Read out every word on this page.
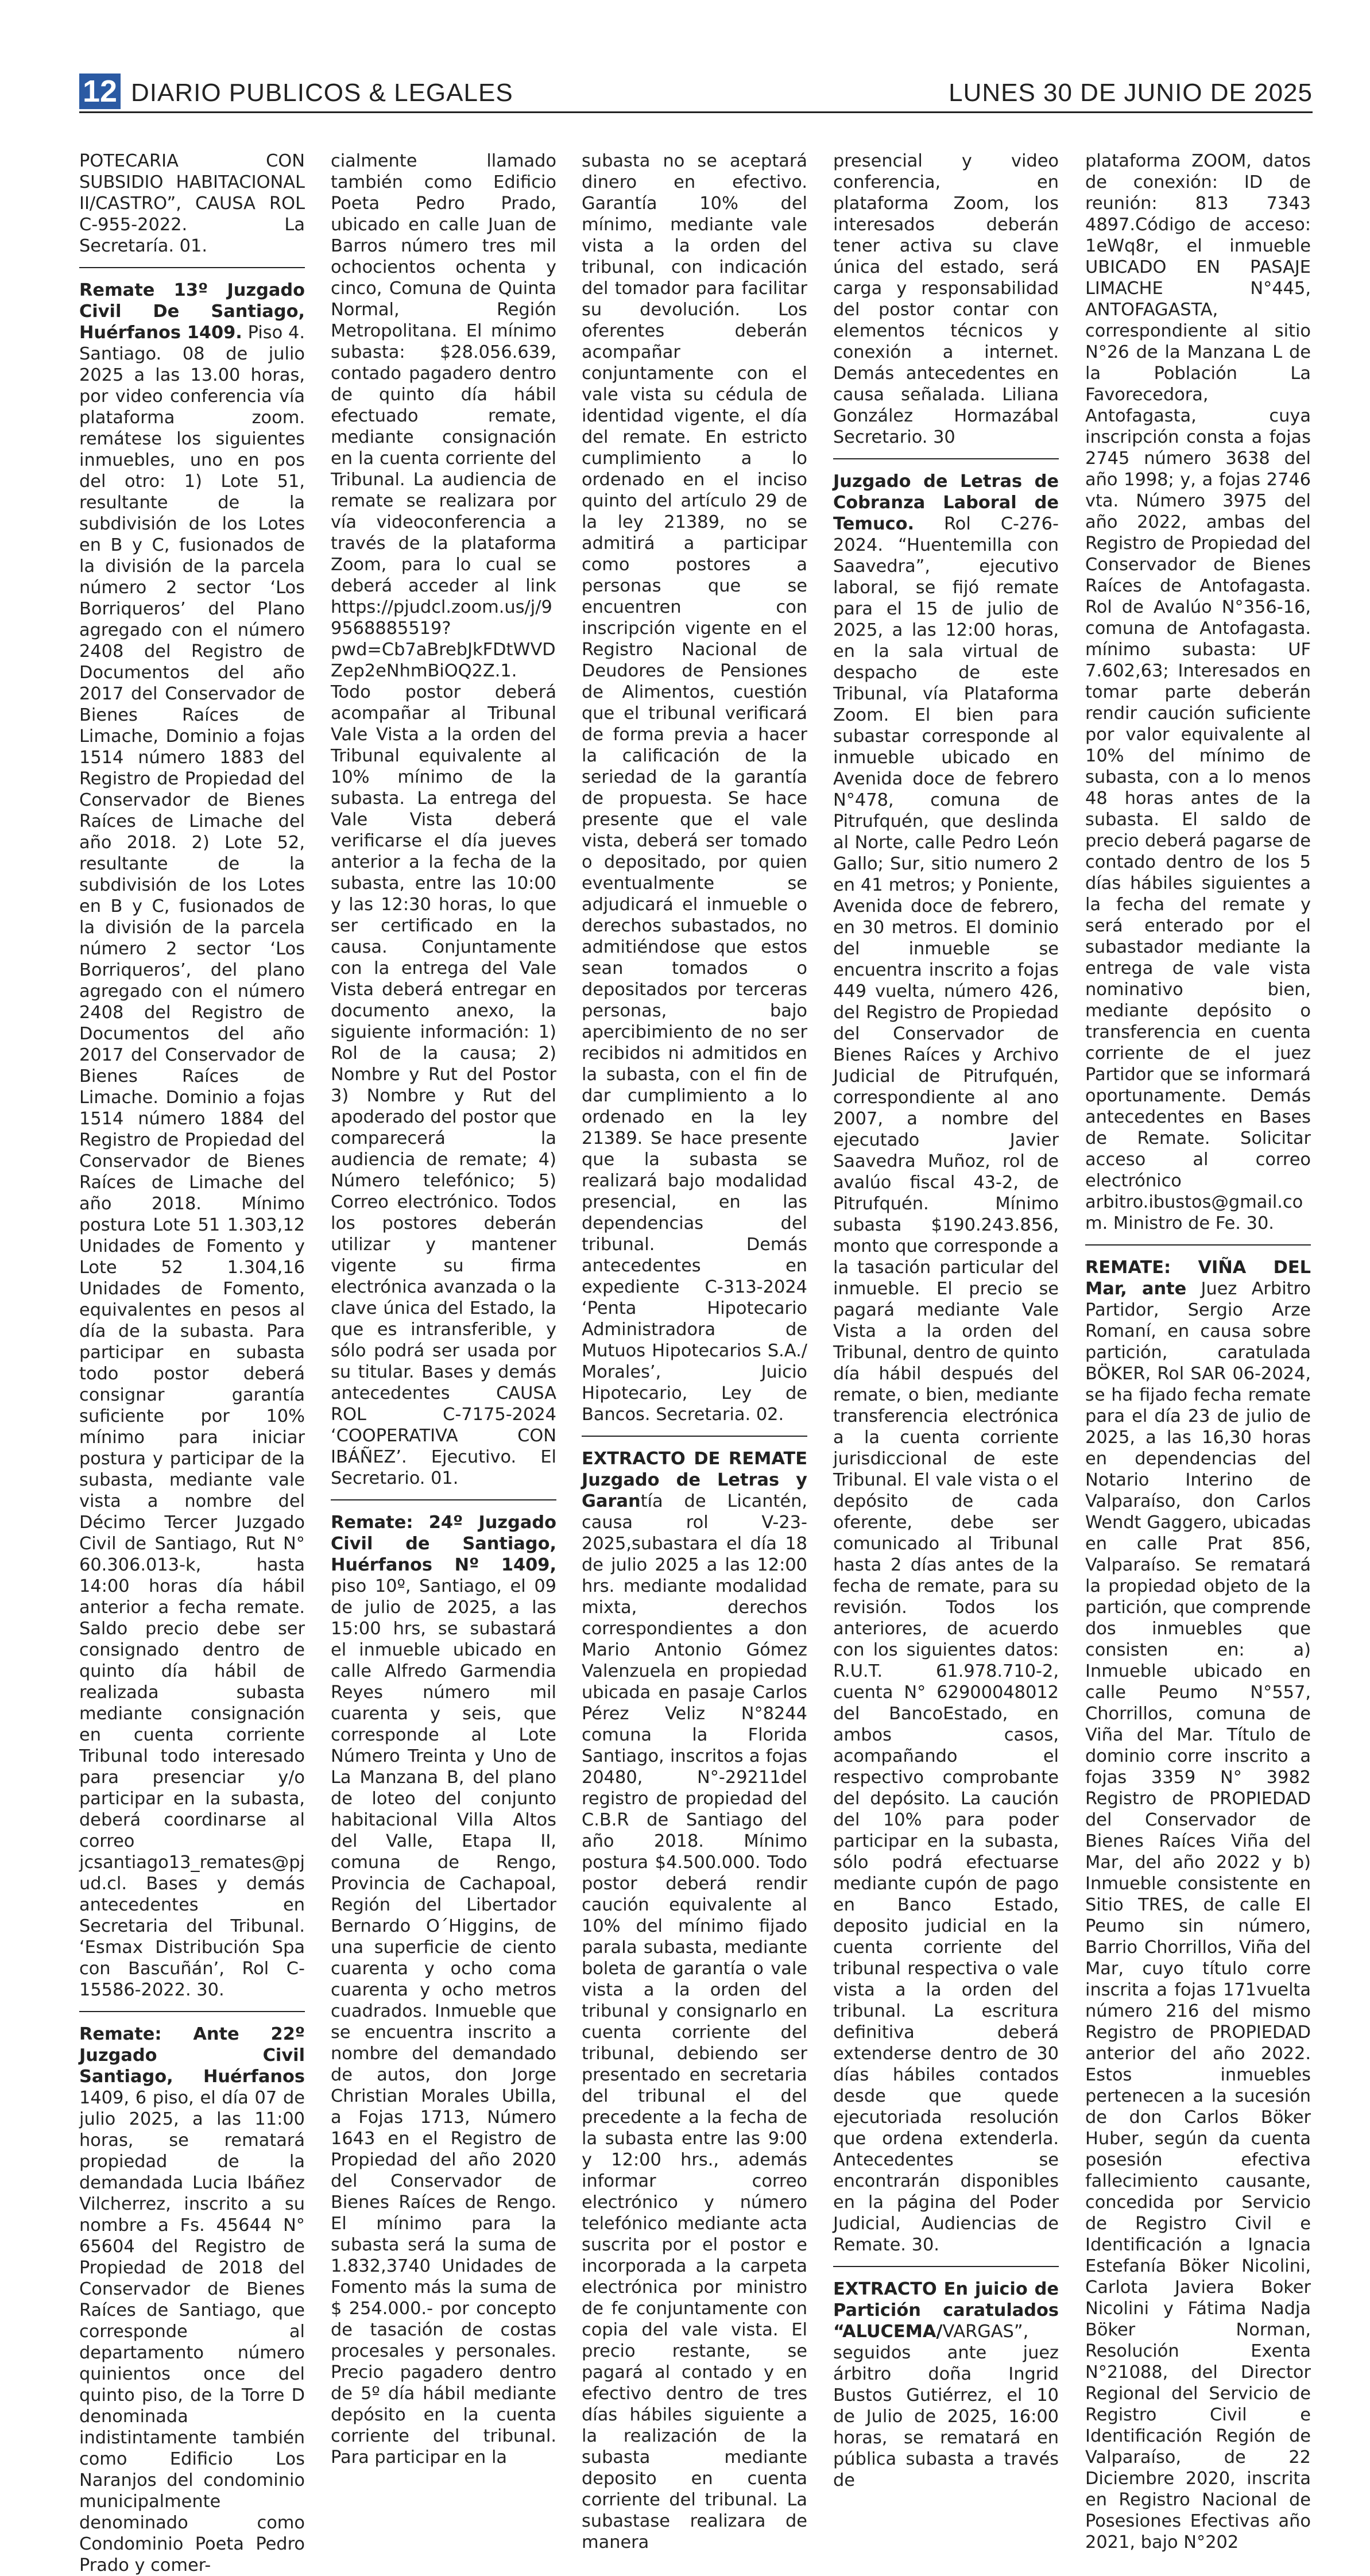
12 DIARIO PUBLICOS & LEGALES	LUNES 30 DE JUNIO DE 2025

POTECARIA CON SUBSIDIO HABITACIONAL II/CASTRO”, CAUSA ROL C-955-2022. La Secretaría. 01.

Remate 13º Juzgado Civil De Santiago, Huérfanos 1409. Piso 4. Santiago. 08 de julio 2025 a las 13.00 horas, por video conferencia vía plataforma zoom. remátese los siguientes inmuebles, uno en pos del otro: 1) Lote 51, resultante de la subdivisión de los Lotes en B y C, fusionados de la división de la parcela número 2 sector ‘Los Borriqueros’ del Plano agregado con el número 2408 del Registro de Documentos del año 2017 del Conservador de Bienes Raíces de Limache, Dominio a fojas 1514 número 1883 del Registro de Propiedad del Conservador de Bienes Raíces de Limache del año 2018. 2) Lote 52, resultante de la subdivisión de los Lotes en B y C, fusionados de la división de la parcela número 2 sector ‘Los Borriqueros’, del plano agregado con el número 2408 del Registro de Documentos del año 2017 del Conservador de Bienes Raíces de Limache. Dominio a fojas 1514 número 1884 del Registro de Propiedad del Conservador de Bienes Raíces de Limache del año 2018. Mínimo postura Lote 51 1.303,12 Unidades de Fomento y Lote 52 1.304,16 Unidades de Fomento, equivalentes en pesos al día de la subasta. Para participar en subasta todo postor deberá consignar garantía suficiente por 10% mínimo para iniciar postura y participar de la subasta, mediante vale vista a nombre del Décimo Tercer Juzgado Civil de Santiago, Rut N° 60.306.013-k, hasta 14:00 horas día hábil anterior a fecha remate. Saldo precio debe ser consignado dentro de quinto día hábil de realizada subasta mediante consignación en cuenta corriente Tribunal todo interesado para presenciar y/o participar en la subasta, deberá coordinarse al correo jcsantiago13_remates@pjud.cl. Bases y demás antecedentes en Secretaria del Tribunal. ‘Esmax Distribución Spa con Bascuñán’, Rol C-15586-2022. 30.

Remate: Ante 22º Juzgado Civil Santiago, Huérfanos 1409, 6 piso, el día 07 de julio 2025, a las 11:00 horas, se rematará propiedad de la demandada Lucia Ibáñez Vilcherrez, inscrito a su nombre a Fs. 45644 N° 65604 del Registro de Propiedad de 2018 del Conservador de Bienes Raíces de Santiago, que corresponde al departamento número quinientos once del quinto piso, de la Torre D denominada indistintamente también como Edificio Los Naranjos del condominio municipalmente denominado como Condominio Poeta Pedro Prado y comer-

cialmente llamado también como Edificio Poeta Pedro Prado, ubicado en calle Juan de Barros número tres mil ochocientos ochenta y cinco, Comuna de Quinta Normal, Región Metropolitana. El mínimo subasta: $28.056.639, contado pagadero dentro de quinto día hábil efectuado remate, mediante consignación en la cuenta corriente del Tribunal. La audiencia de remate se realizara por vía videoconferencia a través de la plataforma Zoom, para lo cual se deberá acceder al link https://pjudcl.zoom.us/j/99568885519?pwd=Cb7aBrebJkFDtWVDZep2eNhmBiOQ2Z.1. Todo postor deberá acompañar al Tribunal Vale Vista a la orden del Tribunal equivalente al 10% mínimo de la subasta. La entrega del Vale Vista deberá verificarse el día jueves anterior a la fecha de la subasta, entre las 10:00 y las 12:30 horas, lo que ser certificado en la causa. Conjuntamente con la entrega del Vale Vista deberá entregar en documento anexo, la siguiente información: 1) Rol de la causa; 2) Nombre y Rut del Postor 3) Nombre y Rut del apoderado del postor que comparecerá la audiencia de remate; 4) Número telefónico; 5) Correo electrónico. Todos los postores deberán utilizar y mantener vigente su firma electrónica avanzada o la clave única del Estado, la que es intransferible, y sólo podrá ser usada por su titular. Bases y demás antecedentes CAUSA ROL C-7175-2024 ‘COOPERATIVA CON IBÁÑEZ’. Ejecutivo. El Secretario. 01.

Remate: 24º Juzgado Civil de Santiago, Huérfanos Nº 1409, piso 10º, Santiago, el 09 de julio de 2025, a las 15:00 hrs, se subastará el inmueble ubicado en calle Alfredo Garmendia Reyes número mil cuarenta y seis, que corresponde al Lote Número Treinta y Uno de La Manzana B, del plano de loteo del conjunto habitacional Villa Altos del Valle, Etapa II, comuna de Rengo, Provincia de Cachapoal, Región del Libertador Bernardo O´Higgins, de una superficie de ciento cuarenta y ocho coma cuarenta y ocho metros cuadrados. Inmueble que se encuentra inscrito a nombre del demandado de autos, don Jorge Christian Morales Ubilla, a Fojas 1713, Número 1643 en el Registro de Propiedad del año 2020 del Conservador de Bienes Raíces de Rengo. El mínimo para la subasta será la suma de 1.832,3740 Unidades de Fomento más la suma de $ 254.000.- por concepto de tasación de costas procesales y personales. Precio pagadero dentro de 5º día hábil mediante depósito en la cuenta corriente del tribunal. Para participar en la

subasta no se aceptará dinero en efectivo. Garantía 10% del mínimo, mediante vale vista a la orden del tribunal, con indicación del tomador para facilitar su devolución. Los oferentes deberán acompañar conjuntamente con el vale vista su cédula de identidad vigente, el día del remate. En estricto cumplimiento a lo ordenado en el inciso quinto del artículo 29 de la ley 21389, no se admitirá a participar como postores a personas que se encuentren con inscripción vigente en el Registro Nacional de Deudores de Pensiones de Alimentos, cuestión que el tribunal verificará de forma previa a hacer la calificación de la seriedad de la garantía de propuesta. Se hace presente que el vale vista, deberá ser tomado o depositado, por quien eventualmente se adjudicará el inmueble o derechos subastados, no admitiéndose que estos sean tomados o depositados por terceras personas, bajo apercibimiento de no ser recibidos ni admitidos en la subasta, con el fin de dar cumplimiento a lo ordenado en la ley 21389. Se hace presente que la subasta se realizará bajo modalidad presencial, en las dependencias del tribunal. Demás antecedentes en expediente C-313-2024 ‘Penta Hipotecario Administradora de Mutuos Hipotecarios S.A./ Morales’, Juicio Hipotecario, Ley de Bancos. Secretaria. 02.

EXTRACTO DE REMATE Juzgado de Letras y Garantía de Licantén, causa rol V-23-2025,subastara el día 18 de julio 2025 a las 12:00 hrs. mediante modalidad mixta, derechos correspondientes a don Mario Antonio Gómez Valenzuela en propiedad ubicada en pasaje Carlos Pérez Veliz N°8244 comuna la Florida Santiago, inscritos a fojas 20480, N°-29211del registro de propiedad del C.B.R de Santiago del año 2018. Mínimo postura $4.500.000. Todo postor deberá rendir caución equivalente al 10% del mínimo fijado paraIa subasta, mediante boleta de garantía o vale vista a la orden del tribunal y consignarlo en cuenta corriente del tribunal, debiendo ser presentado en secretaria del tribunal el del precedente a la fecha de la subasta entre las 9:00 y 12:00 hrs., además informar correo electrónico y número telefónico mediante acta suscrita por el postor e incorporada a la carpeta electrónica por ministro de fe conjuntamente con copia del vale vista. El precio restante, se pagará al contado y en efectivo dentro de tres días hábiles siguiente a la realización de la subasta mediante deposito en cuenta corriente del tribunal. La subastase realizara de manera

presencial y video conferencia, en plataforma Zoom, los interesados deberán tener activa su clave única del estado, será carga y responsabilidad del postor contar con elementos técnicos y conexión a internet. Demás antecedentes en causa señalada. Liliana González Hormazábal Secretario. 30

Juzgado de Letras de Cobranza Laboral de Temuco. Rol C-276-2024. “Huentemilla con Saavedra”, ejecutivo laboral, se fijó remate para el 15 de julio de 2025, a las 12:00 horas, en la sala virtual de despacho de este Tribunal, vía Plataforma Zoom. El bien para subastar corresponde al inmueble ubicado en Avenida doce de febrero N°478, comuna de Pitrufquén, que deslinda al Norte, calle Pedro León Gallo; Sur, sitio numero 2 en 41 metros; y Poniente, Avenida doce de febrero, en 30 metros. El dominio del inmueble se encuentra inscrito a fojas 449 vuelta, número 426, del Registro de Propiedad del Conservador de Bienes Raíces y Archivo Judicial de Pitrufquén, correspondiente al ano 2007, a nombre del ejecutado Javier Saavedra Muñoz, rol de avalúo fiscal 43-2, de Pitrufquén. Mínimo subasta $190.243.856, monto que corresponde a la tasación particular del inmueble. El precio se pagará mediante Vale Vista a la orden del Tribunal, dentro de quinto día hábil después del remate, o bien, mediante transferencia electrónica a la cuenta corriente jurisdiccional de este Tribunal. El vale vista o el depósito de cada oferente, debe ser comunicado al Tribunal hasta 2 días antes de la fecha de remate, para su revisión. Todos los anteriores, de acuerdo con los siguientes datos: R.U.T. 61.978.710-2, cuenta N° 62900048012 del BancoEstado, en ambos casos, acompañando el respectivo comprobante del depósito. La caución del 10% para poder participar en la subasta, sólo podrá efectuarse mediante cupón de pago en Banco Estado, deposito judicial en la cuenta corriente del tribunal respectiva o vale vista a la orden del tribunal. La escritura definitiva deberá extenderse dentro de 30 días hábiles contados desde que quede ejecutoriada resolución que ordena extenderla. Antecedentes se encontrarán disponibles en la página del Poder Judicial, Audiencias de Remate. 30.

EXTRACTO En juicio de Partición caratulados “ALUCEMA/VARGAS”, seguidos ante juez árbitro doña Ingrid Bustos Gutiérrez, el 10 de Julio de 2025, 16:00 horas, se rematará en pública subasta a través de

plataforma ZOOM, datos de conexión: ID de reunión: 813 7343 4897.Código de acceso: 1eWq8r, el inmueble UBICADO EN PASAJE LIMACHE N°445, ANTOFAGASTA, correspondiente al sitio N°26 de la Manzana L de la Población La Favorecedora, Antofagasta, cuya inscripción consta a fojas 2745 número 3638 del año 1998; y, a fojas 2746 vta. Número 3975 del año 2022, ambas del Registro de Propiedad del Conservador de Bienes Raíces de Antofagasta. Rol de Avalúo N°356-16, comuna de Antofagasta. mínimo subasta: UF 7.602,63; Interesados en tomar parte deberán rendir caución suficiente por valor equivalente al 10% del mínimo de subasta, con a lo menos 48 horas antes de la subasta. El saldo de precio deberá pagarse de contado dentro de los 5 días hábiles siguientes a la fecha del remate y será enterado por el subastador mediante la entrega de vale vista nominativo bien, mediante depósito o transferencia en cuenta corriente de el juez Partidor que se informará oportunamente. Demás antecedentes en Bases de Remate. Solicitar acceso al correo electrónico arbitro.ibustos@gmail.com. Ministro de Fe. 30.

REMATE: VIÑA DEL Mar, ante Juez Arbitro Partidor, Sergio Arze Romaní, en causa sobre partición, caratulada BÖKER, Rol SAR 06-2024, se ha fijado fecha remate para el día 23 de julio de 2025, a las 16,30 horas en dependencias del Notario Interino de Valparaíso, don Carlos Wendt Gaggero, ubicadas en calle Prat 856, Valparaíso. Se rematará la propiedad objeto de la partición, que comprende dos inmuebles que consisten en: a) Inmueble ubicado en calle Peumo N°557, Chorrillos, comuna de Viña del Mar. Título de dominio corre inscrito a fojas 3359 N° 3982 Registro de PROPIEDAD del Conservador de Bienes Raíces Viña del Mar, del año 2022 y b) Inmueble consistente en Sitio TRES, de calle El Peumo sin número, Barrio Chorrillos, Viña del Mar, cuyo título corre inscrita a fojas 171vuelta número 216 del mismo Registro de PROPIEDAD anterior del año 2022. Estos inmuebles pertenecen a la sucesión de don Carlos Böker Huber, según da cuenta posesión efectiva fallecimiento causante, concedida por Servicio de Registro Civil e Identificación a Ignacia Estefanía Böker Nicolini, Carlota Javiera Boker Nicolini y Fátima Nadja Böker Norman, Resolución Exenta N°21088, del Director Regional del Servicio de Registro Civil e Identificación Región de Valparaíso, de 22 Diciembre 2020, inscrita en Registro Nacional de Posesiones Efectivas año 2021, bajo N°202
